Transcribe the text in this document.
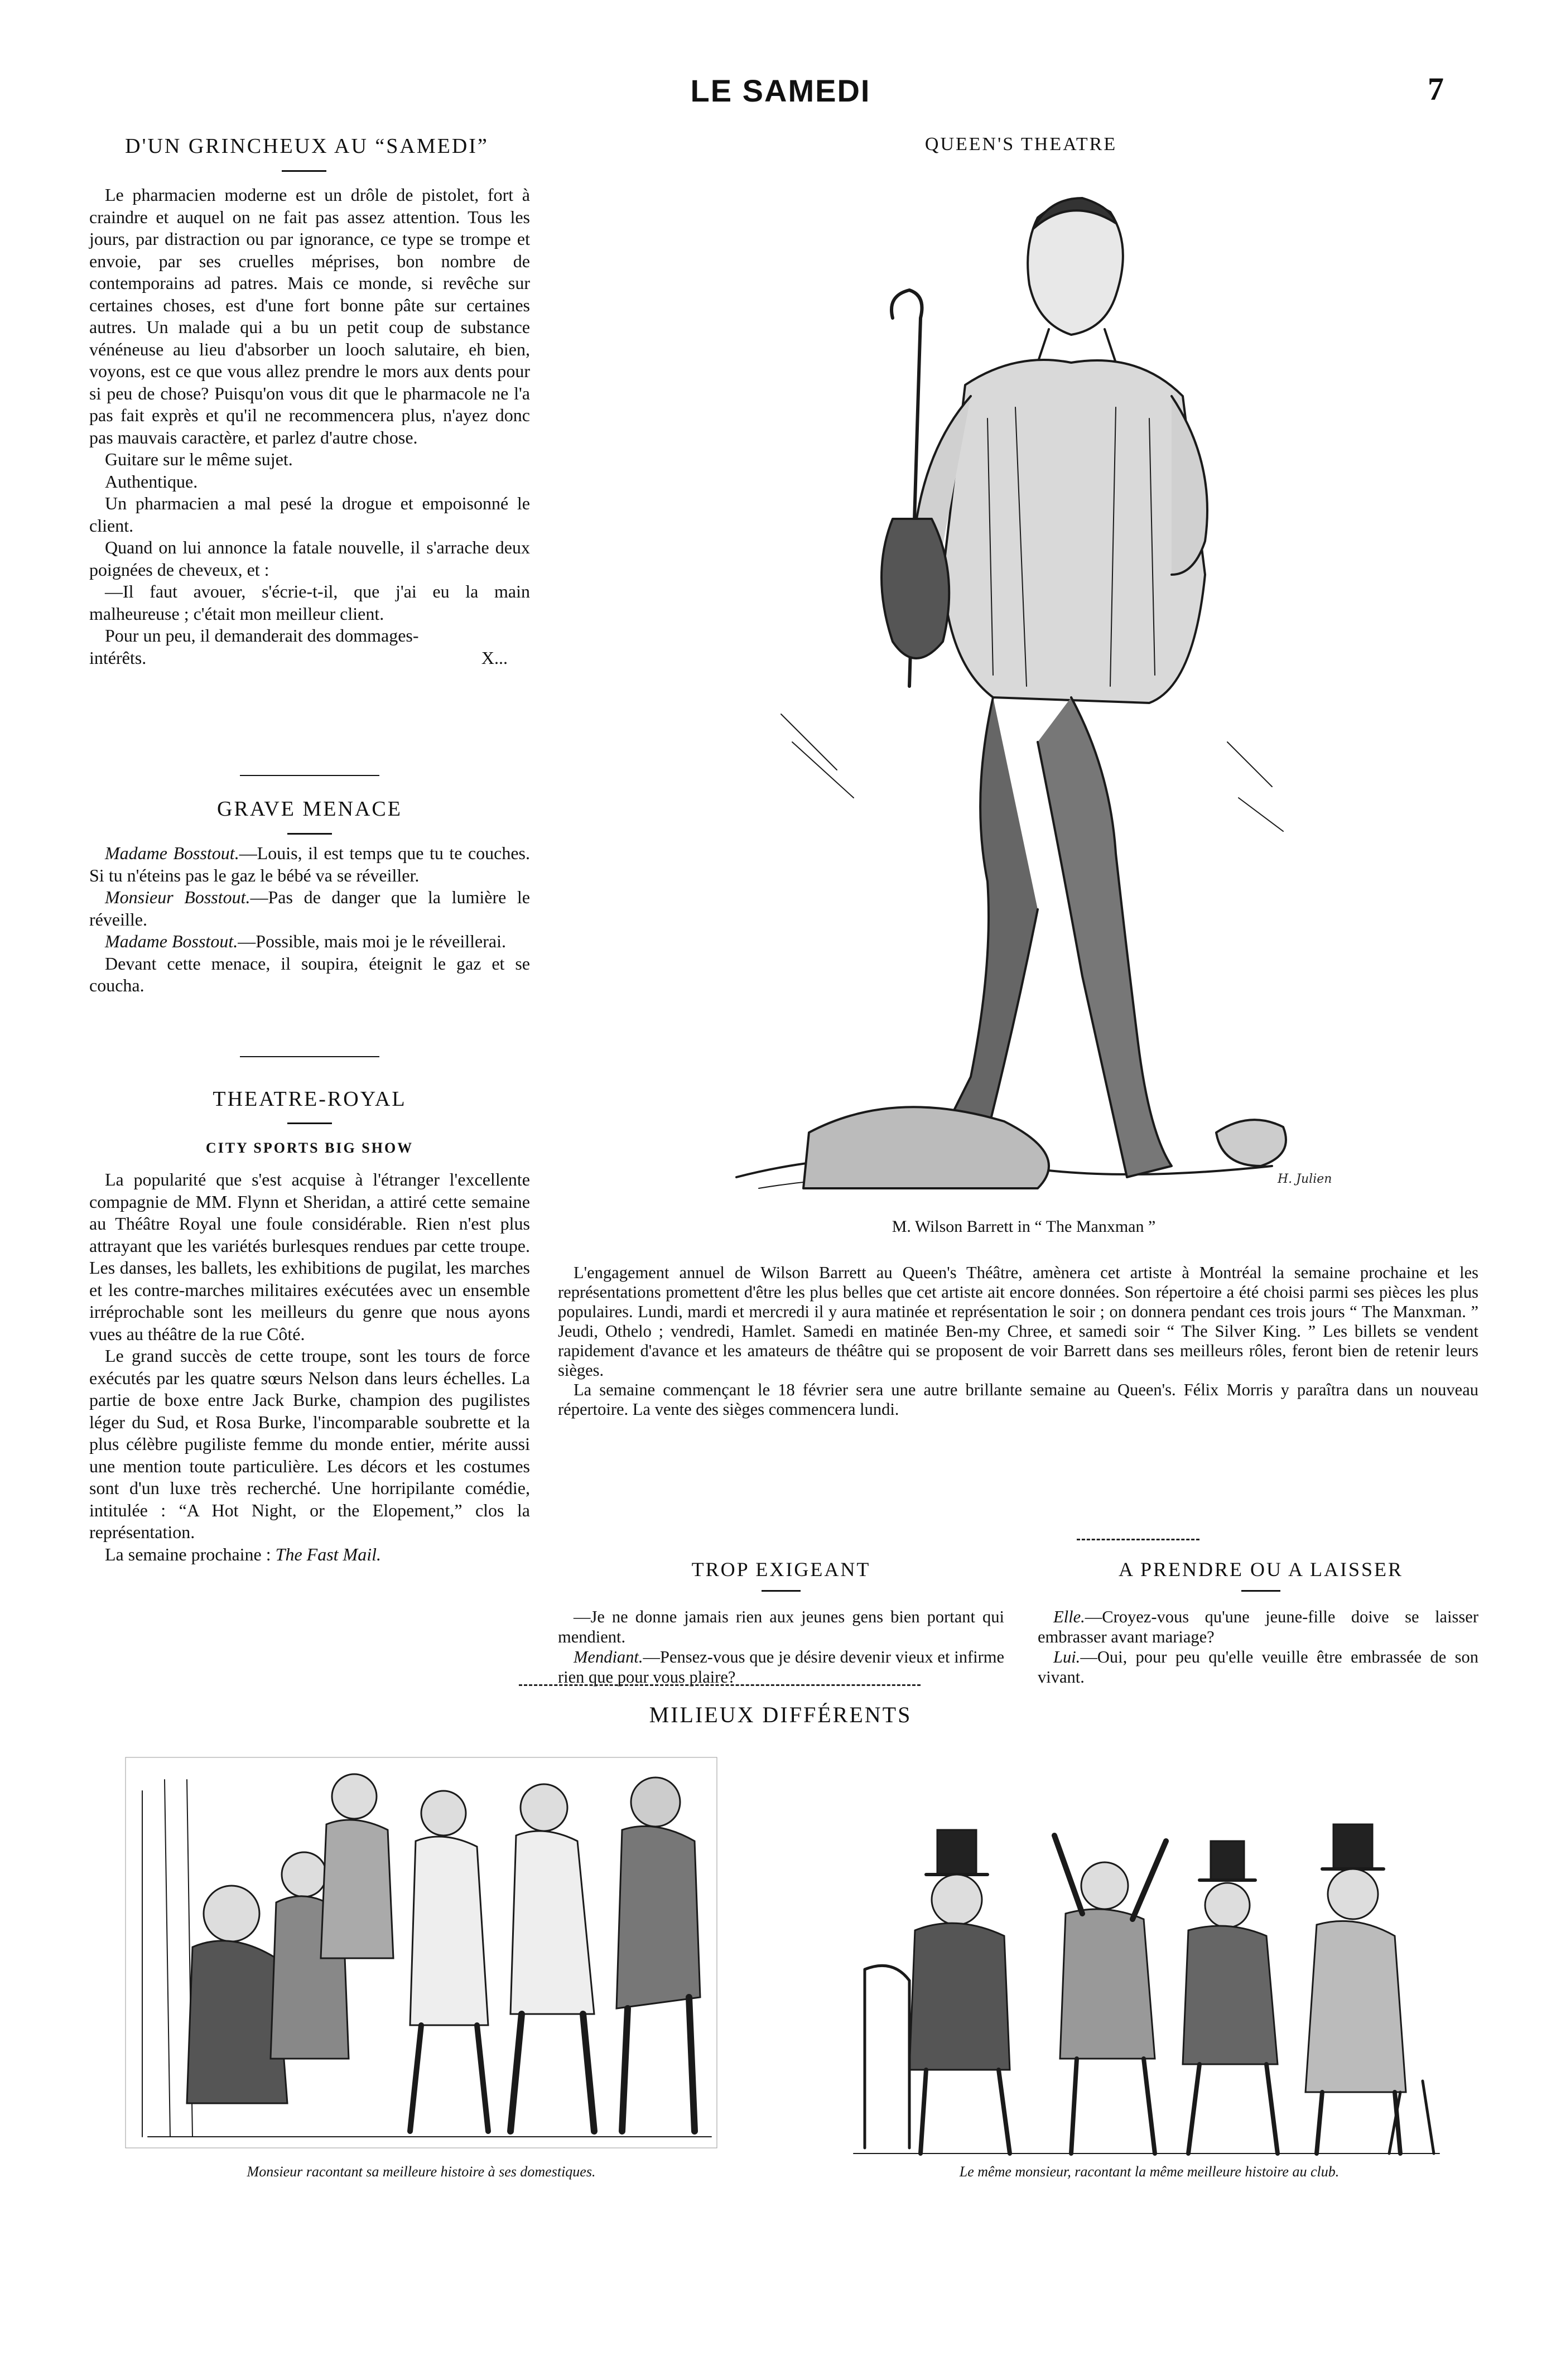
LE SAMEDI	7
D'UN GRINCHEUX AU “SAMEDI”

Le pharmacien moderne est un drôle de pistolet, fort à craindre et auquel on ne fait pas assez attention. Tous les jours, par distraction ou par ignorance, ce type se trompe et envoie, par ses cruelles méprises, bon nombre de contemporains ad patres. Mais ce monde, si revêche sur certaines choses, est d'une fort bonne pâte sur certaines autres. Un malade qui a bu un petit coup de substance vénéneuse au lieu d'absorber un looch salutaire, eh bien, voyons, est ce que vous allez prendre le mors aux dents pour si peu de chose? Puisqu'on vous dit que le pharmacole ne l'a pas fait exprès et qu'il ne recommencera plus, n'ayez donc pas mauvais caractère, et parlez d'autre chose.

Guitare sur le même sujet.

Authentique.

Un pharmacien a mal pesé la drogue et empoisonné le client.

Quand on lui annonce la fatale nouvelle, il s'arrache deux poignées de cheveux, et :

—Il faut avouer, s'écrie-t-il, que j'ai eu la main malheureuse ; c'était mon meilleur client.

Pour un peu, il demanderait des dommages-

intérêts.	X...
GRAVE MENACE

Madame Bosstout.—Louis, il est temps que tu te couches. Si tu n'éteins pas le gaz le bébé va se réveiller.

Monsieur Bosstout.—Pas de danger que la lumière le réveille.

Madame Bosstout.—Possible, mais moi je le réveillerai.

Devant cette menace, il soupira, éteignit le gaz et se coucha.

THEATRE-ROYAL
CITY SPORTS BIG SHOW

La popularité que s'est acquise à l'étranger l'excellente compagnie de MM. Flynn et Sheridan, a attiré cette semaine au Théâtre Royal une foule considérable. Rien n'est plus attrayant que les variétés burlesques rendues par cette troupe. Les danses, les ballets, les exhibitions de pugilat, les marches et les contre-marches militaires exécutées avec un ensemble irréprochable sont les meilleurs du genre que nous ayons vues au théâtre de la rue Côté.

Le grand succès de cette troupe, sont les tours de force exécutés par les quatre sœurs Nelson dans leurs échelles. La partie de boxe entre Jack Burke, champion des pugilistes léger du Sud, et Rosa Burke, l'incomparable soubrette et la plus célèbre pugiliste femme du monde entier, mérite aussi une mention toute particulière. Les décors et les costumes sont d'un luxe très recherché. Une horripilante comédie, intitulée : “A Hot Night, or the Elopement,” clos la représentation.

La semaine prochaine : The Fast Mail.

QUEEN'S THEATRE
H. Julien
M. Wilson Barrett in “ The Manxman ”

L'engagement annuel de Wilson Barrett au Queen's Théâtre, amènera cet artiste à Montréal la semaine prochaine et les représentations promettent d'être les plus belles que cet artiste ait encore données. Son répertoire a été choisi parmi ses pièces les plus populaires. Lundi, mardi et mercredi il y aura matinée et représentation le soir ; on donnera pendant ces trois jours “ The Manxman. ” Jeudi, Othelo ; vendredi, Hamlet. Samedi en matinée Ben-my Chree, et samedi soir “ The Silver King. ” Les billets se vendent rapidement d'avance et les amateurs de théâtre qui se proposent de voir Barrett dans ses meilleurs rôles, feront bien de retenir leurs sièges.

La semaine commençant le 18 février sera une autre brillante semaine au Queen's. Félix Morris y paraîtra dans un nouveau répertoire. La vente des sièges commencera lundi.

TROP EXIGEANT

—Je ne donne jamais rien aux jeunes gens bien portant qui mendient.

Mendiant.—Pensez-vous que je désire devenir vieux et infirme rien que pour vous plaire?

A PRENDRE OU A LAISSER

Elle.—Croyez-vous qu'une jeune-fille doive se laisser embrasser avant mariage?

Lui.—Oui, pour peu qu'elle veuille être embrassée de son vivant.

MILIEUX DIFFÉRENTS
Monsieur racontant sa meilleure histoire à ses domestiques.	Le même monsieur, racontant la même meilleure histoire au club.
